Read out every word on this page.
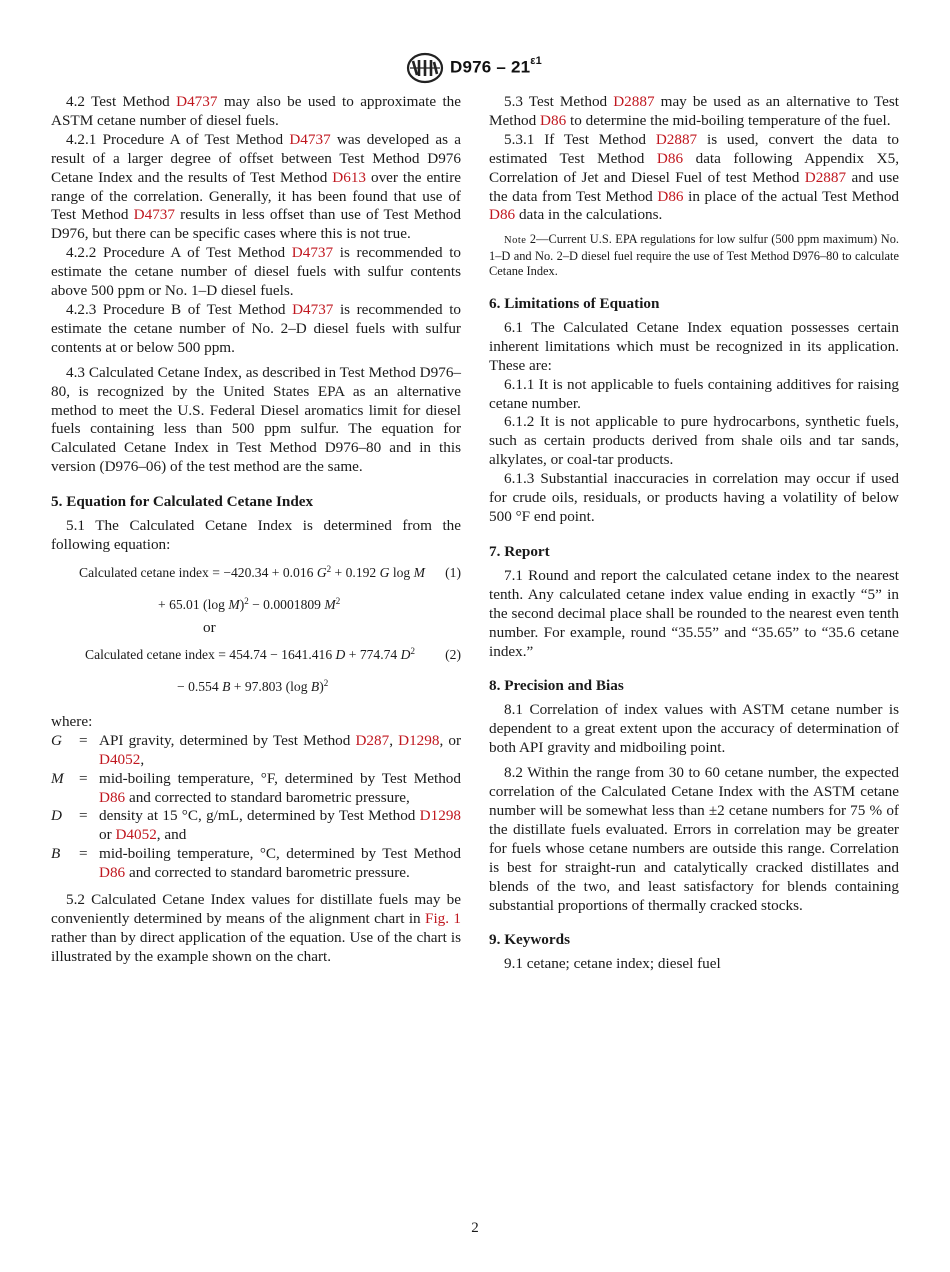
$D976 - 21^{\varepsilon 1}$

4.2 Test Method D4737 may also be used to approximate the ASTM cetane number of diesel fuels.

4.2.1 Procedure A of Test Method D4737 was developed as a result of a larger degree of offset between Test Method D976 Cetane Index and the results of Test Method D613 over the entire range of the correlation. Generally, it has been found that use of Test Method D4737 results in less offset than use of Test Method D976, but there can be specific cases where this is not true.

4.2.2 Procedure A of Test Method D4737 is recommended to estimate the cetane number of diesel fuels with sulfur contents above 500 ppm or No. 1–D diesel fuels.

4.2.3 Procedure B of Test Method D4737 is recommended to estimate the cetane number of No. 2–D diesel fuels with sulfur contents at or below 500 ppm.

4.3 Calculated Cetane Index, as described in Test Method D976–80, is recognized by the United States EPA as an alternative method to meet the U.S. Federal Diesel aromatics limit for diesel fuels containing less than 500 ppm sulfur. The equation for Calculated Cetane Index in Test Method D976–80 and in this version (D976–06) of the test method are the same.

5. Equation for Calculated Cetane Index

5.1 The Calculated Cetane Index is determined from the following equation:

Calculated cetane index = −420.34 + 0.016 $G^2 + 0.192$ G log M (1)
+ 65.01 (log M)$^2$ − 0.0001809 $M^2$
or
Calculated cetane index = 454.74 − 1641.416 D + 774.74 $D^2$ (2)
− 0.554 B + 97.803 (log B)$^2$
where:
G	= API gravity, determined by Test Method D287, D1298, or D4052,
M	= mid-boiling temperature, °F, determined by Test Method D86 and corrected to standard barometric pressure,
D	= density at 15 °C, g/mL, determined by Test Method D1298 or D4052, and
B	= mid-boiling temperature, °C, determined by Test Method D86 and corrected to standard barometric pressure.

5.2 Calculated Cetane Index values for distillate fuels may be conveniently determined by means of the alignment chart in Fig. 1 rather than by direct application of the equation. Use of the chart is illustrated by the example shown on the chart.

5.3 Test Method D2887 may be used as an alternative to Test Method D86 to determine the mid-boiling temperature of the fuel.

5.3.1 If Test Method D2887 is used, convert the data to estimated Test Method D86 data following Appendix X5, Correlation of Jet and Diesel Fuel of test Method D2887 and use the data from Test Method D86 in place of the actual Test Method D86 data in the calculations.

Note 2—Current U.S. EPA regulations for low sulfur (500 ppm maximum) No. 1–D and No. 2–D diesel fuel require the use of Test Method D976–80 to calculate Cetane Index.
6. Limitations of Equation

6.1 The Calculated Cetane Index equation possesses certain inherent limitations which must be recognized in its application. These are:

6.1.1 It is not applicable to fuels containing additives for raising cetane number.

6.1.2 It is not applicable to pure hydrocarbons, synthetic fuels, such as certain products derived from shale oils and tar sands, alkylates, or coal-tar products.

6.1.3 Substantial inaccuracies in correlation may occur if used for crude oils, residuals, or products having a volatility of below 500 °F end point.

7. Report

7.1 Round and report the calculated cetane index to the nearest tenth. Any calculated cetane index value ending in exactly “5” in the second decimal place shall be rounded to the nearest even tenth number. For example, round “35.55” and “35.65” to “35.6 cetane index.”

8. Precision and Bias

8.1 Correlation of index values with ASTM cetane number is dependent to a great extent upon the accuracy of determination of both API gravity and midboiling point.

8.2 Within the range from 30 to 60 cetane number, the expected correlation of the Calculated Cetane Index with the ASTM cetane number will be somewhat less than ±2 cetane numbers for 75 % of the distillate fuels evaluated. Errors in correlation may be greater for fuels whose cetane numbers are outside this range. Correlation is best for straight-run and catalytically cracked distillates and blends of the two, and least satisfactory for blends containing substantial proportions of thermally cracked stocks.

9. Keywords

9.1 cetane; cetane index; diesel fuel

2
